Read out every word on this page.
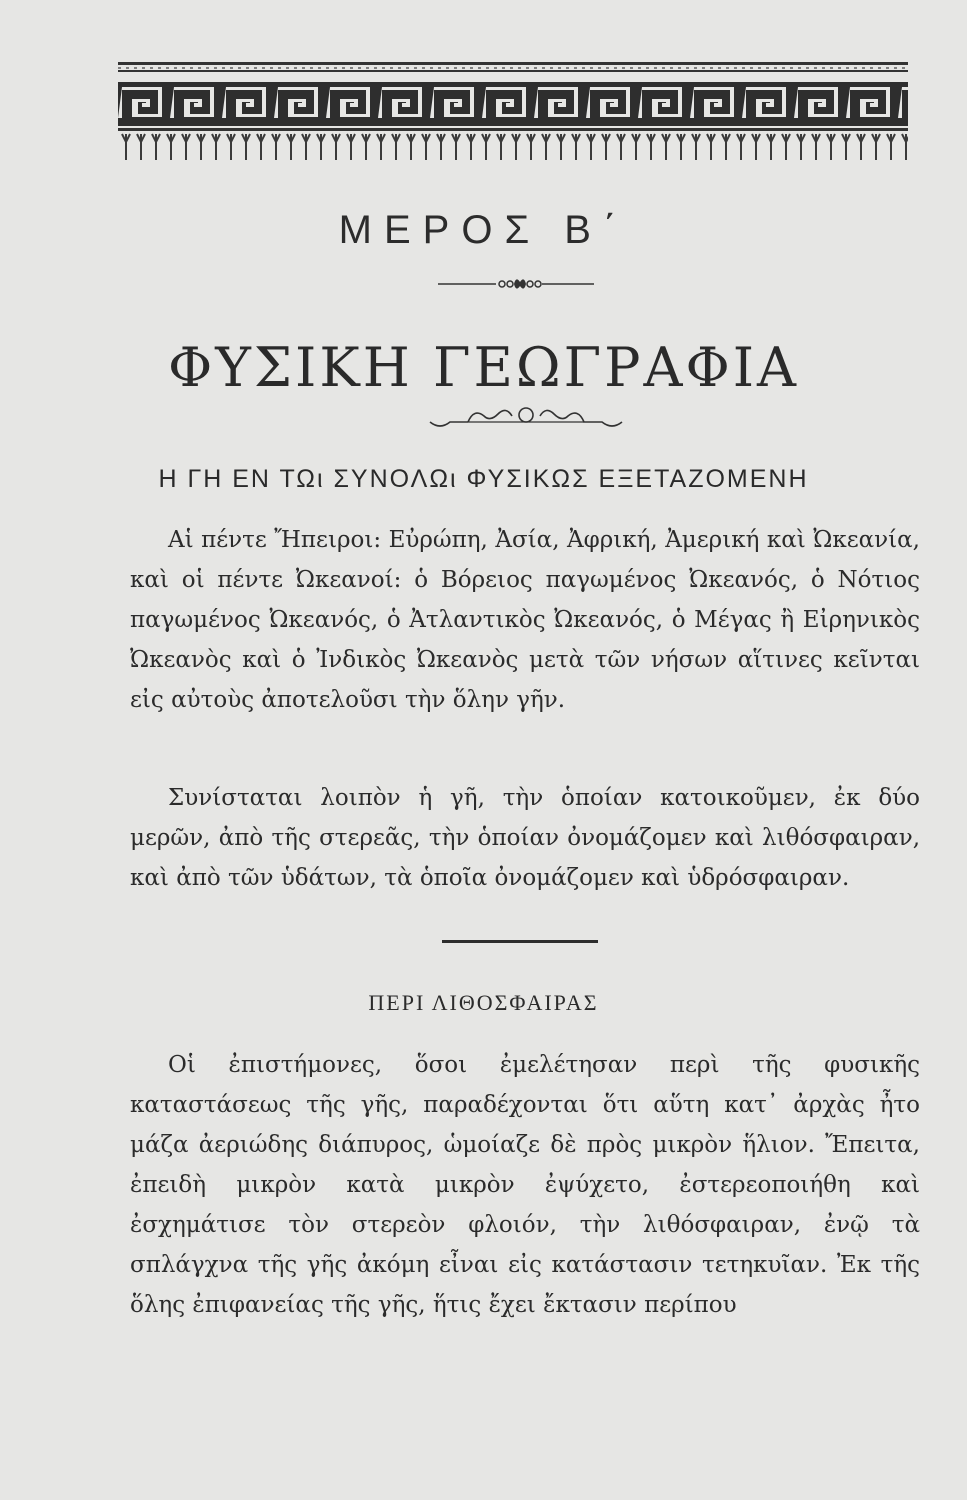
ΜΕΡΟΣ Β΄
ΦΥΣΙΚΗ ΓΕΩΓΡΑΦΙΑ
Η ΓΗ ΕΝ ΤΩι ΣΥΝΟΛΩι ΦΥΣΙΚΩΣ ΕΞΕΤΑΖΟΜΕΝΗ

Αἱ πέντε Ἤπειροι: Εὐρώπη, Ἀσία, Ἀφρική, Ἀμερική καὶ Ὠκεανία, καὶ οἱ πέντε Ὠκεανοί: ὁ Βόρειος παγωμένος Ὠκεανός, ὁ Νότιος παγωμένος Ὠκεανός, ὁ Ἀτλαντικὸς Ὠκεανός, ὁ Μέγας ἢ Εἰρηνικὸς Ὠκεανὸς καὶ ὁ Ἰνδικὸς Ὠκεανὸς μετὰ τῶν νήσων αἵτινες κεῖνται εἰς αὐτοὺς ἀποτελοῦσι τὴν ὅλην γῆν.

Συνίσταται λοιπὸν ἡ γῆ, τὴν ὁποίαν κατοικοῦμεν, ἐκ δύο μερῶν, ἀπὸ τῆς στερεᾶς, τὴν ὁποίαν ὀνομάζομεν καὶ λιθόσφαιραν, καὶ ἀπὸ τῶν ὑδάτων, τὰ ὁποῖα ὀνομάζομεν καὶ ὑδρόσφαιραν.

ΠΕΡΙ ΛΙΘΟΣΦΑΙΡΑΣ

Οἱ ἐπιστήμονες, ὅσοι ἐμελέτησαν περὶ τῆς φυσικῆς καταστάσεως τῆς γῆς, παραδέχονται ὅτι αὕτη κατ᾽ ἀρχὰς ἦτο μάζα ἀεριώδης διάπυρος, ὡμοίαζε δὲ πρὸς μικρὸν ἥλιον. Ἔπειτα, ἐπειδὴ μικρὸν κατὰ μικρὸν ἐψύχετο, ἐστερεοποιήθη καὶ ἐσχημάτισε τὸν στερεὸν φλοιόν, τὴν λιθόσφαιραν, ἐνῷ τὰ σπλάγχνα τῆς γῆς ἀκόμη εἶναι εἰς κατάστασιν τετηκυῖαν. Ἐκ τῆς ὅλης ἐπιφανείας τῆς γῆς, ἥτις ἔχει ἔκτασιν περίπου
